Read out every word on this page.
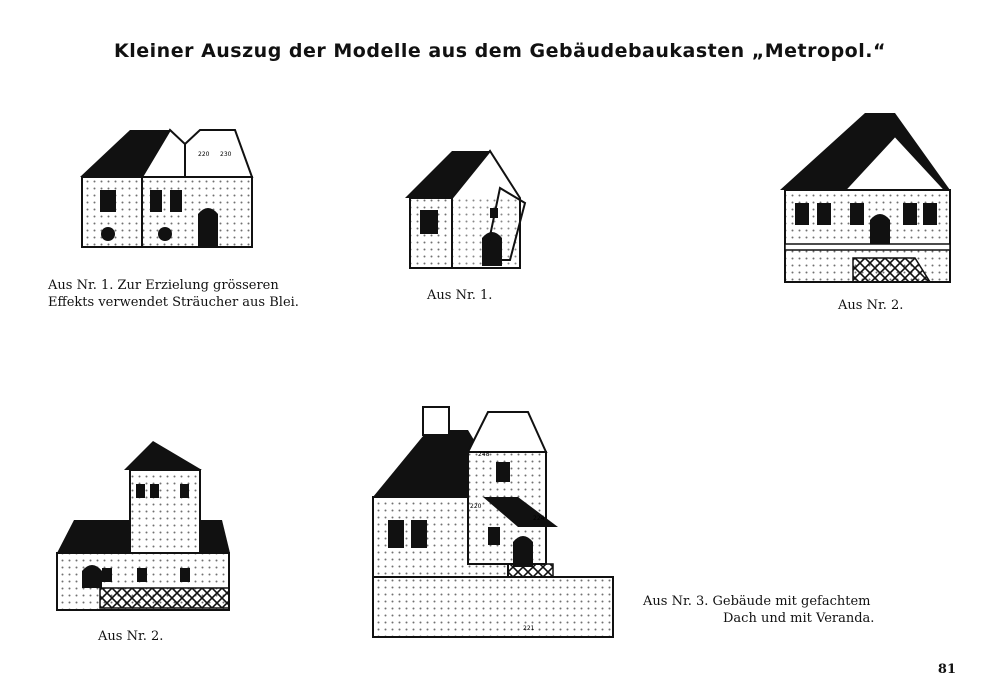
Kleiner Auszug der Modelle aus dem Gebäudebaukasten „Metropol.“
220 230
Aus Nr. 1. Zur Erzielung grösseren
Effekts verwendet Sträucher aus Blei.	Aus Nr. 1.
Aus Nr. 2.
Aus Nr. 2.
248
220
224
221
Aus Nr. 3. Gebäude mit gefachtem
Dach und mit Veranda.
81
